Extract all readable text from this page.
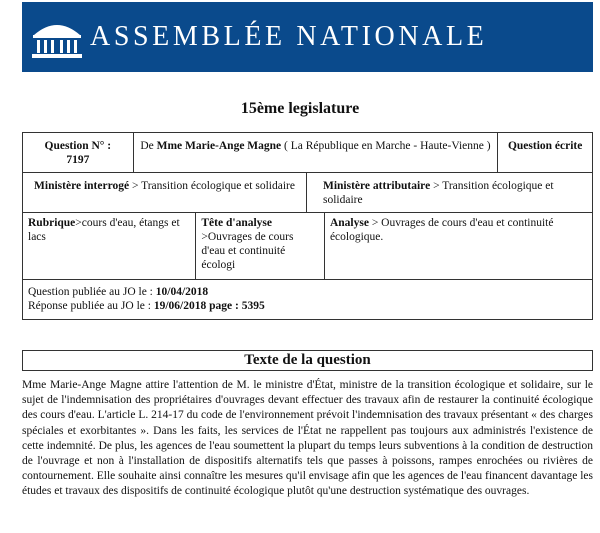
ASSEMBLÉE NATIONALE
15ème legislature
Question N° :
7197
De Mme Marie-Ange Magne ( La République en Marche - Haute-Vienne )	Question écrite
Ministère interrogé > Transition écologique et solidaire	Ministère attributaire > Transition écologique et solidaire
Rubrique>cours d'eau, étangs et lacs
Tête d'analyse
>Ouvrages de cours d'eau et continuité écologi
Analyse > Ouvrages de cours d'eau et continuité écologique.
Question publiée au JO le : 10/04/2018
Réponse publiée au JO le : 19/06/2018 page : 5395
Texte de la question
Mme Marie-Ange Magne attire l'attention de M. le ministre d'État, ministre de la transition écologique et solidaire, sur le sujet de l'indemnisation des propriétaires d'ouvrages devant effectuer des travaux afin de restaurer la continuité écologique des cours d'eau. L'article L. 214-17 du code de l'environnement prévoit l'indemnisation des travaux présentant « des charges spéciales et exorbitantes ». Dans les faits, les services de l'État ne rappellent pas toujours aux administrés l'existence de cette indemnité. De plus, les agences de l'eau soumettent la plupart du temps leurs subventions à la condition de destruction de l'ouvrage et non à l'installation de dispositifs alternatifs tels que passes à poissons, rampes enrochées ou rivières de contournement. Elle souhaite ainsi connaître les mesures qu'il envisage afin que les agences de l'eau financent davantage les études et travaux des dispositifs de continuité écologique plutôt qu'une destruction systématique des ouvrages.
